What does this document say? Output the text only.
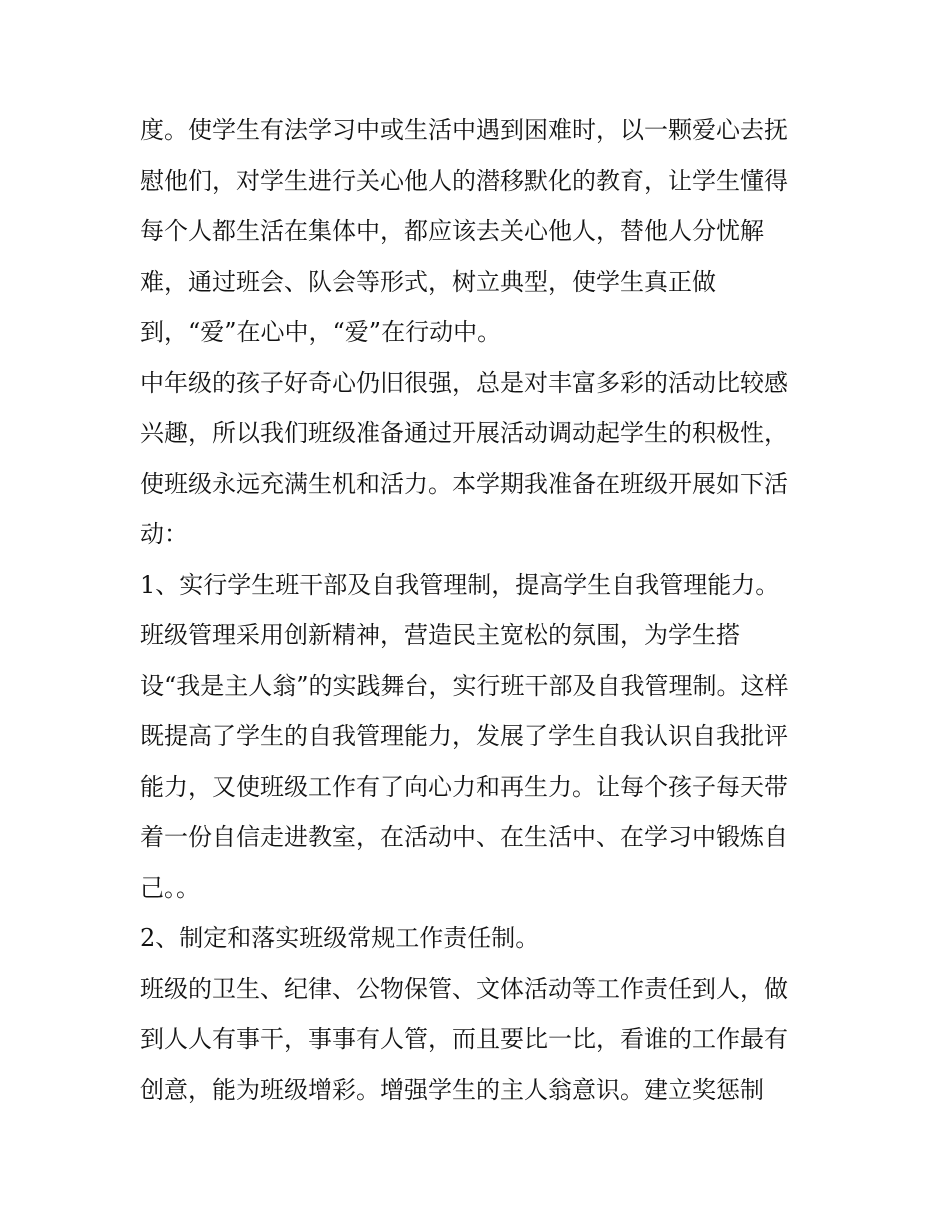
度。使学生有法学习中或生活中遇到困难时，以一颗爱心去抚
慰他们，对学生进行关心他人的潜移默化的教育，让学生懂得
每个人都生活在集体中，都应该去关心他人，替他人分忧解
难，通过班会、队会等形式，树立典型，使学生真正做
到，“爱”在心中，“爱”在行动中。
中年级的孩子好奇心仍旧很强，总是对丰富多彩的活动比较感
兴趣，所以我们班级准备通过开展活动调动起学生的积极性，
使班级永远充满生机和活力。本学期我准备在班级开展如下活
动：
1、实行学生班干部及自我管理制，提高学生自我管理能力。
班级管理采用创新精神，营造民主宽松的氛围，为学生搭
设“我是主人翁”的实践舞台，实行班干部及自我管理制。这样
既提高了学生的自我管理能力，发展了学生自我认识自我批评
能力，又使班级工作有了向心力和再生力。让每个孩子每天带
着一份自信走进教室，在活动中、在生活中、在学习中锻炼自
己。。
2、制定和落实班级常规工作责任制。
班级的卫生、纪律、公物保管、文体活动等工作责任到人，做
到人人有事干，事事有人管，而且要比一比，看谁的工作最有
创意，能为班级增彩。增强学生的主人翁意识。建立奖惩制
